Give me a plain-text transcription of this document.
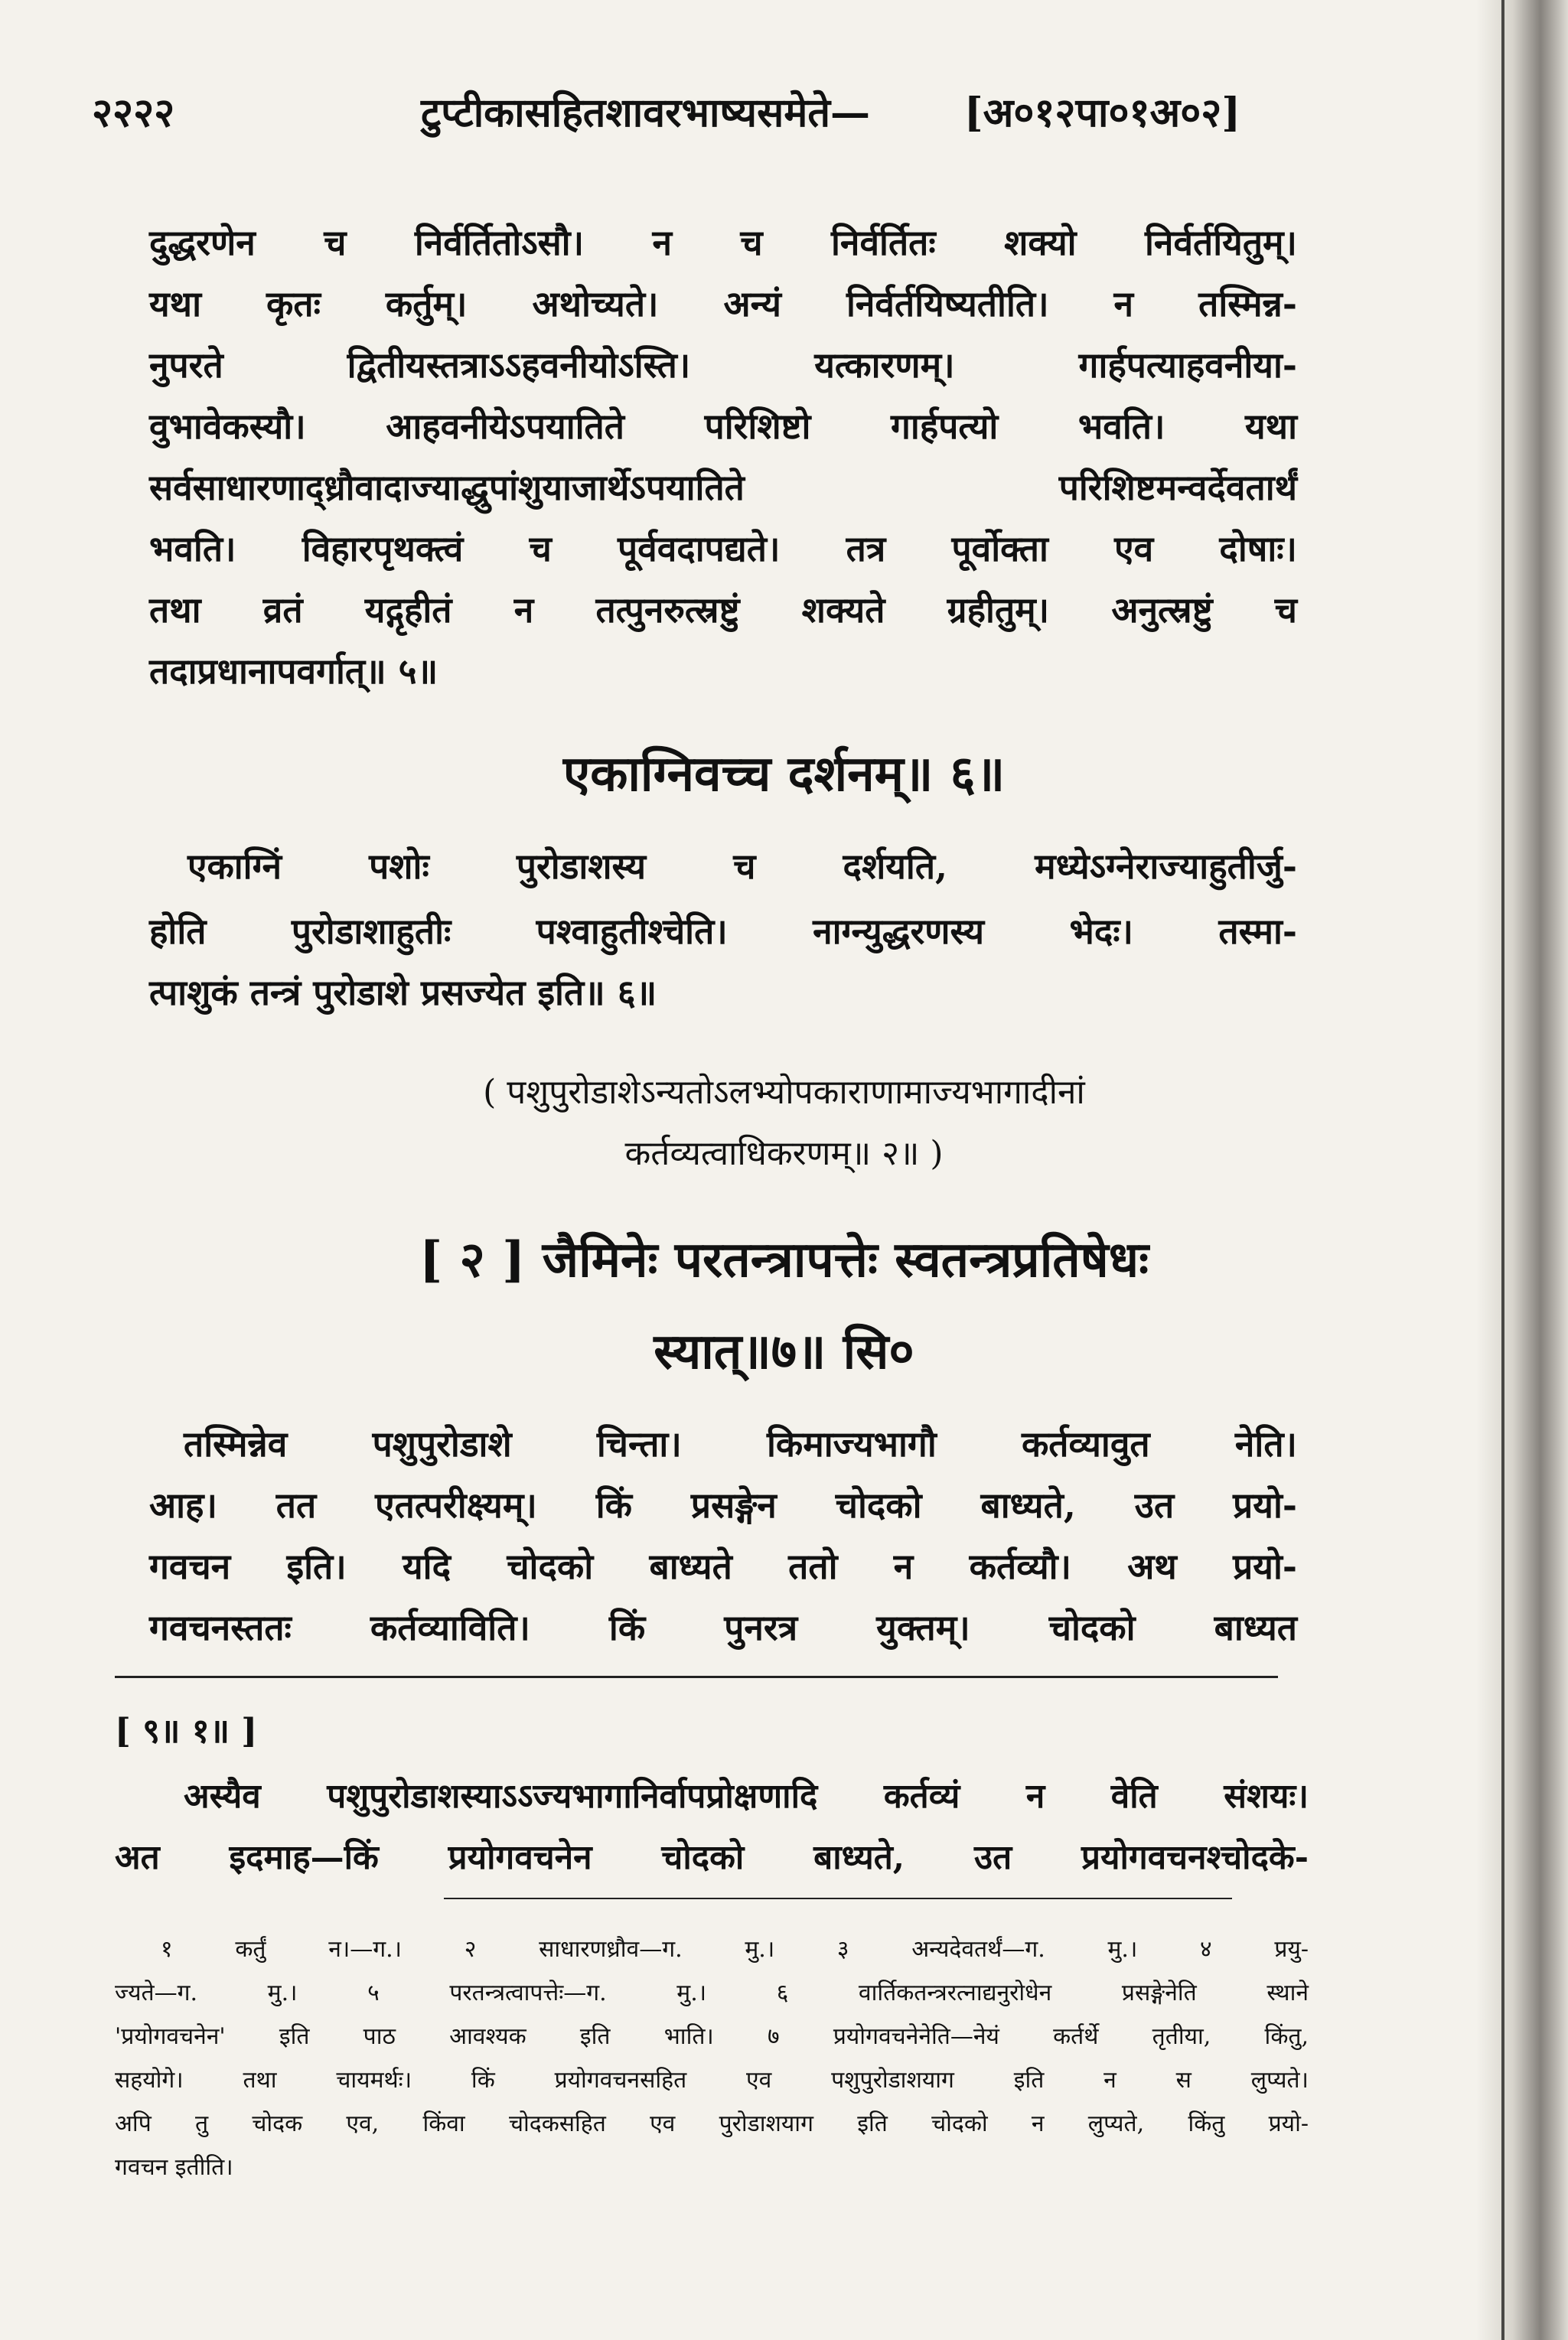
२२२२	टुप्टीकासहितशावरभाष्यसमेते— [अ०१२पा०१अ०२]
दुद्धरणेन च निर्वर्तितोऽसौ। न च निर्वर्तितः शक्यो निर्वर्तयितुम्।
यथा कृतः कर्तुम्। अथोच्यते। अन्यं निर्वर्तयिष्यतीति। न तस्मिन्न-
नुपरते द्वितीयस्तत्राऽऽहवनीयोऽस्ति। यत्कारणम्। गार्हपत्याहवनीया-
वुभावेकस्यौ। आहवनीयेऽपयातिते परिशिष्टो गार्हपत्यो भवति। यथा
सर्वसाधारणाद्ध्रौवादाज्याद्धुपांशुयाजार्थेऽपयातिते परिशिष्टमन्वर्देवतार्थं
भवति। विहारपृथक्त्वं च पूर्ववदापद्यते। तत्र पूर्वोक्ता एव दोषाः।
तथा व्रतं यद्गृहीतं न तत्पुनरुत्स्रष्टुं शक्यते ग्रहीतुम्। अनुत्स्रष्टुं च
तदाप्रधानापवर्गात्॥ ५॥
एकाग्निवच्च दर्शनम्॥ ६॥
एकाग्निं पशोः पुरोडाशस्य च दर्शयति, मध्येऽग्नेराज्याहुतीर्जु-
होति पुरोडाशाहुतीः पश्वाहुतीश्चेति। नाग्न्युद्धरणस्य भेदः। तस्मा-
त्पाशुकं तन्त्रं पुरोडाशे प्रसज्येत इति॥ ६॥
( पशुपुरोडाशेऽन्यतोऽलभ्योपकाराणामाज्यभागादीनां
कर्तव्यत्वाधिकरणम्॥ २॥ )
[ २ ] जैमिनेः परतन्त्रापत्तेः स्वतन्त्रप्रतिषेधः
स्यात्॥७॥ सि०
तस्मिन्नेव पशुपुरोडाशे चिन्ता। किमाज्यभागौ कर्तव्यावुत नेति।
आह। तत एतत्परीक्ष्यम्। किं प्रसङ्गेन चोदको बाध्यते, उत प्रयो-
गवचन इति। यदि चोदको बाध्यते ततो न कर्तव्यौ। अथ प्रयो-
गवचनस्ततः कर्तव्याविति। किं पुनरत्र युक्तम्। चोदको बाध्यत
[ ९॥ १॥ ]
अस्यैव पशुपुरोडाशस्याऽऽज्यभागानिर्वापप्रोक्षणादि कर्तव्यं न वेति संशयः।
अत इदमाह—किं प्रयोगवचनेन चोदको बाध्यते, उत प्रयोगवचनश्चोदके-
१ कर्तुं न।—ग.। २ साधारणध्रौव—ग. मु.। ३ अन्यदेवतर्थं—ग. मु.। ४ प्रयु-
ज्यते—ग. मु.। ५ परतन्त्रत्वापत्तेः—ग. मु.। ६ वार्तिकतन्त्ररत्नाद्यनुरोधेन प्रसङ्गेनेति स्थाने
'प्रयोगवचनेन' इति पाठ आवश्यक इति भाति। ७ प्रयोगवचनेनेति—नेयं कर्तर्थे तृतीया, किंतु,
सहयोगे। तथा चायमर्थः। किं प्रयोगवचनसहित एव पशुपुरोडाशयाग इति न स लुप्यते।
अपि तु चोदक एव, किंवा चोदकसहित एव पुरोडाशयाग इति चोदको न लुप्यते, किंतु प्रयो-
गवचन इतीति।
